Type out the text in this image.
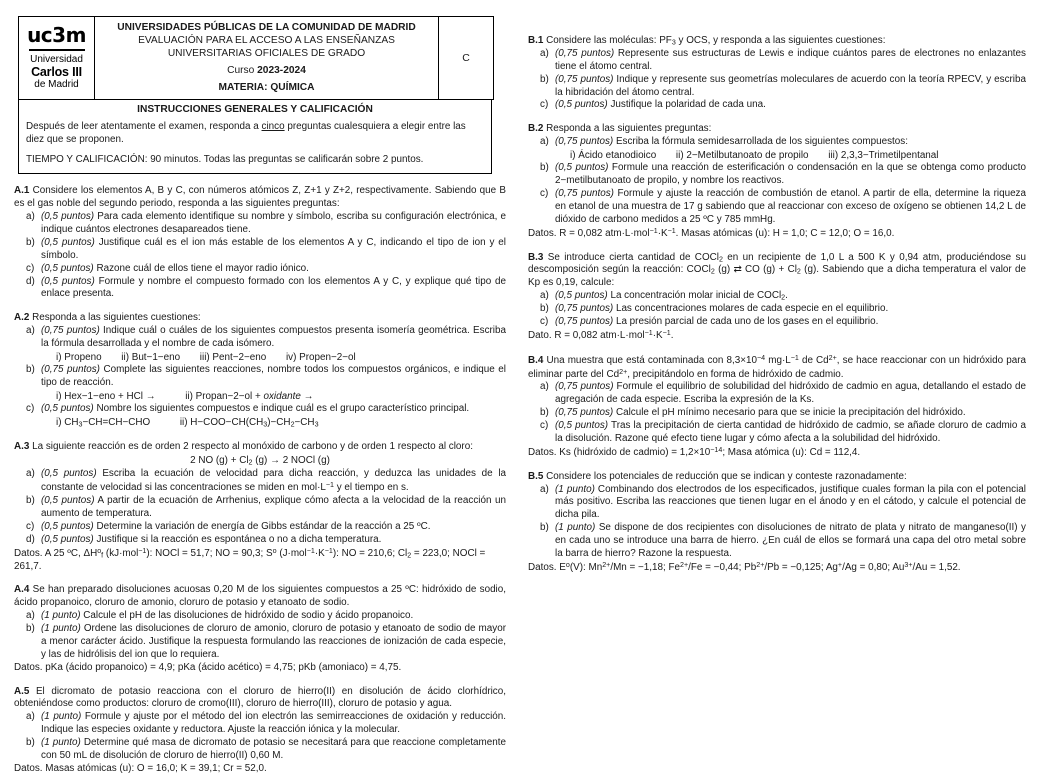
uc3m
Universidad
Carlos III
de Madrid
UNIVERSIDADES PÚBLICAS DE LA COMUNIDAD DE MADRID
EVALUACIÓN PARA EL ACCESO A LAS ENSEÑANZAS
UNIVERSITARIAS OFICIALES DE GRADO
Curso 2023-2024
MATERIA: QUÍMICA
C
INSTRUCCIONES GENERALES Y CALIFICACIÓN

Después de leer atentamente el examen, responda a cinco preguntas cualesquiera a elegir entre las diez que se proponen.

TIEMPO Y CALIFICACIÓN: 90 minutos. Todas las preguntas se calificarán sobre 2 puntos.

A.1 Considere los elementos A, B y C, con números atómicos Z, Z+1 y Z+2, respectivamente. Sabiendo que B es el gas noble del segundo periodo, responda a las siguientes preguntas:
a) (0,5 puntos) Para cada elemento identifique su nombre y símbolo, escriba su configuración electrónica, e indique cuántos electrones desapareados tiene.
b) (0,5 puntos) Justifique cuál es el ion más estable de los elementos A y C, indicando el tipo de ion y el símbolo.
c) (0,5 puntos) Razone cuál de ellos tiene el mayor radio iónico.
d) (0,5 puntos) Formule y nombre el compuesto formado con los elementos A y C, y explique qué tipo de enlace presenta.
A.2 Responda a las siguientes cuestiones:
a) (0,75 puntos) Indique cuál o cuáles de los siguientes compuestos presenta isomería geométrica. Escriba la fórmula desarrollada y el nombre de cada isómero.
i) Propeno  ii) But−1−eno  iii) Pent−2−eno  iv) Propen−2−ol
b) (0,75 puntos) Complete las siguientes reacciones, nombre todos los compuestos orgánicos, e indique el tipo de reacción.
i) Hex−1−eno + HCl →   ii) Propan−2−ol + oxidante →
c) (0,5 puntos) Nombre los siguientes compuestos e indique cuál es el grupo característico principal.
i) $CH_3-CH=CH-CHO$   ii) $H-COO-CH(CH_3)-CH_2-CH_3$
A.3 La siguiente reacción es de orden 2 respecto al monóxido de carbono y de orden 1 respecto al cloro:
2 NO $(g) + Cl_2$ (g) → 2 NOCl (g)
a) (0,5 puntos) Escriba la ecuación de velocidad para dicha reacción, y deduzca las unidades de la constante de velocidad si las concentraciones se miden en $mol\cdot L^{-1}$ y el tiempo en s.
b) (0,5 puntos) A partir de la ecuación de Arrhenius, explique cómo afecta a la velocidad de la reacción un aumento de temperatura.
c) (0,5 puntos) Determine la variación de energía de Gibbs estándar de la reacción a 25 ºC.
d) (0,5 puntos) Justifique si la reacción es espontánea o no a dicha temperatura.
Datos. A 25 ºC, $\Delta H^o_f$ (kJ·mol$^{-1}$): NOCl = 51,7; NO = 90,3; $S^o$ $(J\cdot mol^{-1}\cdot K^{-1})$: NO = 210,6; $Cl_2 = 223,0$; NOCl = 261,7.
A.4 Se han preparado disoluciones acuosas 0,20 M de los siguientes compuestos a 25 ºC: hidróxido de sodio, ácido propanoico, cloruro de amonio, cloruro de potasio y etanoato de sodio.
a) (1 punto) Calcule el pH de las disoluciones de hidróxido de sodio y ácido propanoico.
b) (1 punto) Ordene las disoluciones de cloruro de amonio, cloruro de potasio y etanoato de sodio de mayor a menor carácter ácido. Justifique la respuesta formulando las reacciones de ionización de cada especie, y las de hidrólisis del ion que lo requiera.
Datos. pKa (ácido propanoico) = 4,9; pKa (ácido acético) = 4,75; pKb (amoniaco) = 4,75.
A.5 El dicromato de potasio reacciona con el cloruro de hierro(II) en disolución de ácido clorhídrico, obteniéndose como productos: cloruro de cromo(III), cloruro de hierro(III), cloruro de potasio y agua.
a) (1 punto) Formule y ajuste por el método del ion electrón las semirreacciones de oxidación y reducción. Indique las especies oxidante y reductora. Ajuste la reacción iónica y la molecular.
b) (1 punto) Determine qué masa de dicromato de potasio se necesitará para que reaccione completamente con 50 mL de disolución de cloruro de hierro(II) 0,60 M.
Datos. Masas atómicas (u): O = 16,0; K = 39,1; Cr = 52,0.
B.1 Considere las moléculas: $PF_3$ y OCS, y responda a las siguientes cuestiones:
a) (0,75 puntos) Represente sus estructuras de Lewis e indique cuántos pares de electrones no enlazantes tiene el átomo central.
b) (0,75 puntos) Indique y represente sus geometrías moleculares de acuerdo con la teoría RPECV, y escriba la hibridación del átomo central.
c) (0,5 puntos) Justifique la polaridad de cada una.
B.2 Responda a las siguientes preguntas:
a) (0,75 puntos) Escriba la fórmula semidesarrollada de los siguientes compuestos:
i) Ácido etanodioico  ii) 2−Metilbutanoato de propilo  iii) 2,3,3−Trimetilpentanal
b) (0,5 puntos) Formule una reacción de esterificación o condensación en la que se obtenga como producto 2−metilbutanoato de propilo, y nombre los reactivos.
c) (0,75 puntos) Formule y ajuste la reacción de combustión de etanol. A partir de ella, determine la riqueza en etanol de una muestra de 17 g sabiendo que al reaccionar con exceso de oxígeno se obtienen 14,2 L de dióxido de carbono medidos a 25 ºC y 785 mmHg.
Datos. R = 0,082 $atm\cdot L\cdot mol^{-1}\cdot K^{-1}$. Masas atómicas (u): H = 1,0; C = 12,0; O = 16,0.
B.3 Se introduce cierta cantidad de COCl$_2$ en un recipiente de 1,0 L a 500 K y 0,94 atm, produciéndose su descomposición según la reacción: COCl$_2$ (g) ⇄ CO $(g) + Cl_2$ (g). Sabiendo que a dicha temperatura el valor de Kp es 0,19, calcule:
a) (0,5 puntos) La concentración molar inicial de COCl$_2$.
b) (0,75 puntos) Las concentraciones molares de cada especie en el equilibrio.
c) (0,75 puntos) La presión parcial de cada uno de los gases en el equilibrio.
Dato. R = 0,082 $atm\cdot L\cdot mol^{-1}\cdot K^{-1}$.
B.4 Una muestra que está contaminada con $8,3\times 10^{-4}$ $mg\cdot L^{-1}$ de $Cd^{2+}$, se hace reaccionar con un hidróxido para eliminar parte del $Cd^{2+}$, precipitándolo en forma de hidróxido de cadmio.
a) (0,75 puntos) Formule el equilibrio de solubilidad del hidróxido de cadmio en agua, detallando el estado de agregación de cada especie. Escriba la expresión de la Ks.
b) (0,75 puntos) Calcule el pH mínimo necesario para que se inicie la precipitación del hidróxido.
c) (0,5 puntos) Tras la precipitación de cierta cantidad de hidróxido de cadmio, se añade cloruro de cadmio a la disolución. Razone qué efecto tiene lugar y cómo afecta a la solubilidad del hidróxido.
Datos. Ks (hidróxido de cadmio) = $1,2\times 10^{-14}$; Masa atómica (u): Cd = 112,4.
B.5 Considere los potenciales de reducción que se indican y conteste razonadamente:
a) (1 punto) Combinando dos electrodos de los especificados, justifique cuales forman la pila con el potencial más positivo. Escriba las reacciones que tienen lugar en el ánodo y en el cátodo, y calcule el potencial de dicha pila.
b) (1 punto) Se dispone de dos recipientes con disoluciones de nitrato de plata y nitrato de manganeso(II) y en cada uno se introduce una barra de hierro. ¿En cuál de ellos se formará una capa del otro metal sobre la barra de hierro? Razone la respuesta.
Datos. $E^o(V)$: $Mn^{2+}/Mn = -1,18$; $Fe^{2+}/Fe = -0,44$; $Pb^{2+}/Pb = -0,125$; Ag+/Ag = 0,80; $Au^{3+}/Au = 1,52$.
